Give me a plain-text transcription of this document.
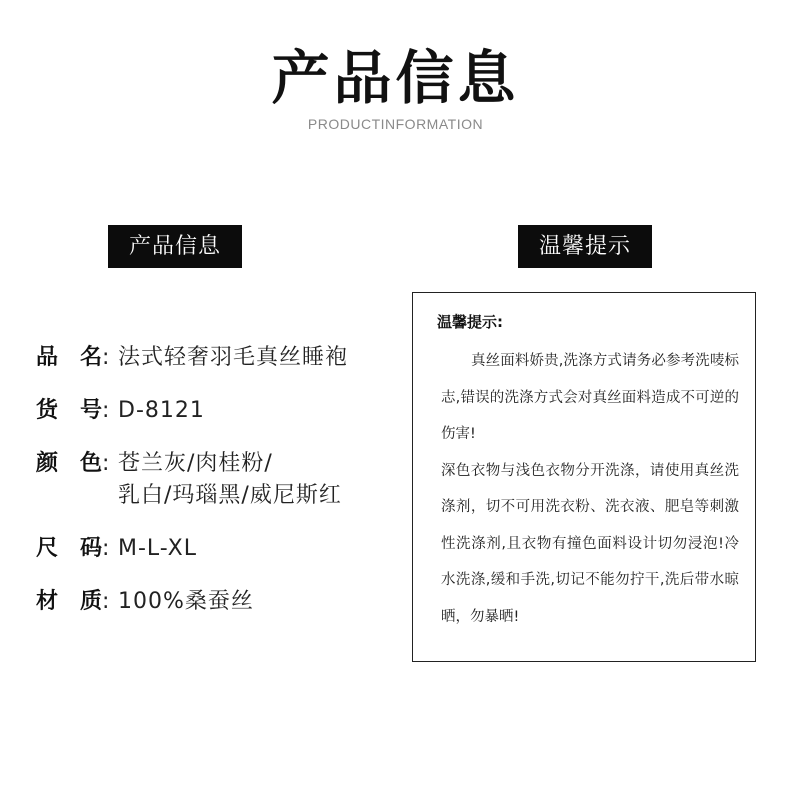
产品信息
PRODUCTINFORMATION
产品信息	温馨提示
品 名 : 法式轻奢羽毛真丝睡袍
货 号 : D-8121
颜 色 : 苍兰灰/肉桂粉/
乳白/玛瑙黑/威尼斯红
尺 码 : M-L-XL
材 质 : 100%桑蚕丝
温馨提示:

真丝面料娇贵,洗涤方式请务必参考洗唛标志,错误的洗涤方式会对真丝面料造成不可逆的伤害!

深色衣物与浅色衣物分开洗涤，请使用真丝洗涤剂，切不可用洗衣粉、洗衣液、肥皂等刺激性洗涤剂,且衣物有撞色面料设计切勿浸泡!冷水洗涤,缓和手洗,切记不能勿拧干,洗后带水晾晒，勿暴晒!
